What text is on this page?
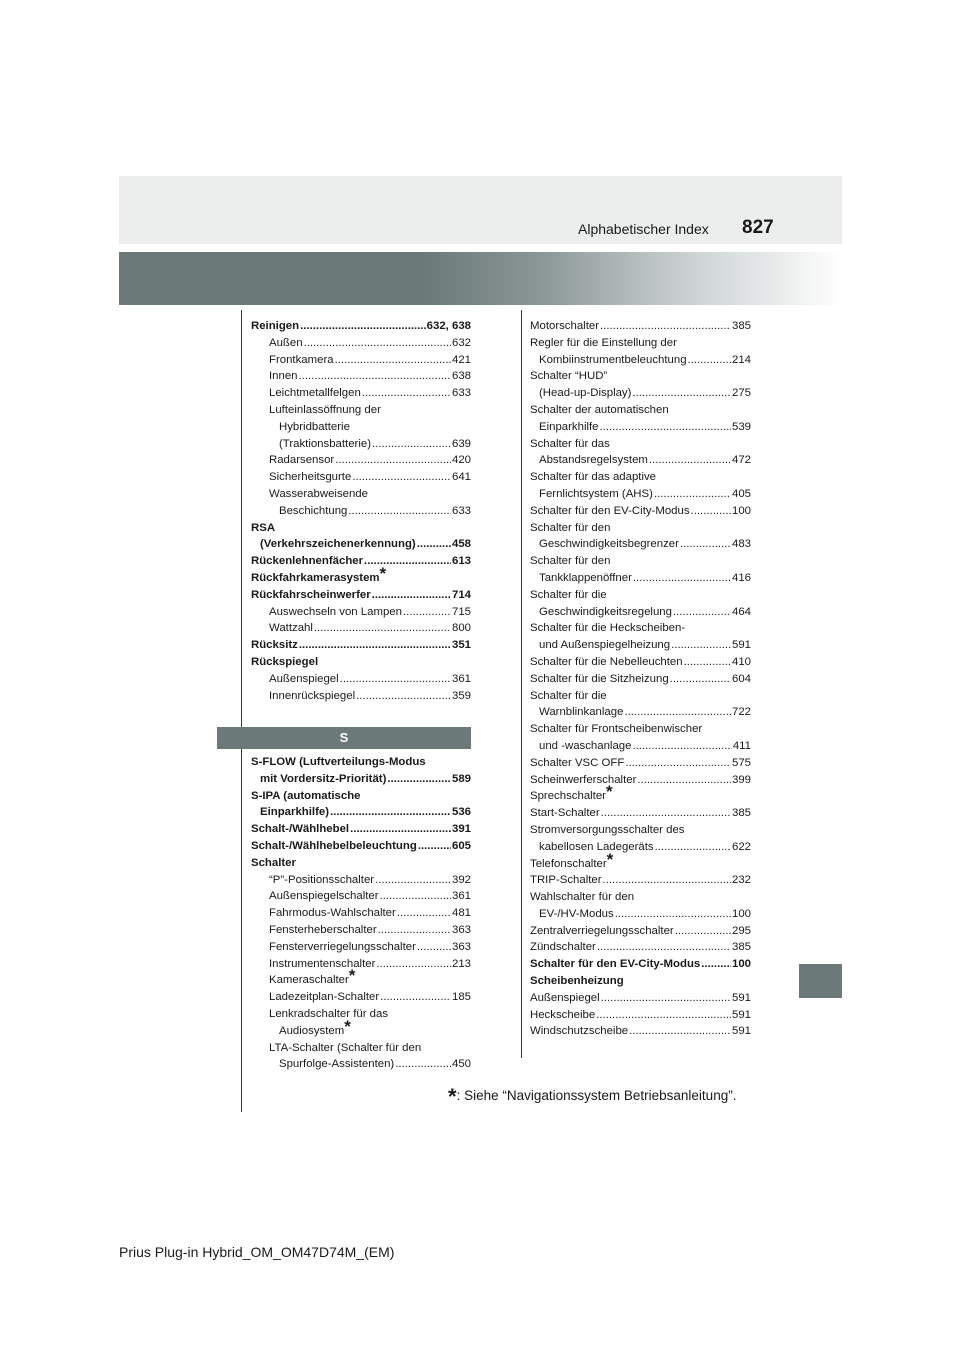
Alphabetischer Index 827
Reinigen .....	632, 638
Außen .....	632
Frontkamera .....	421
Innen .....	638
Leichtmetallfelgen .....	633
Lufteinlassöffnung der
Hybridbatterie
(Traktionsbatterie) .....	639
Radarsensor .....	420
Sicherheitsgurte .....	641
Wasserabweisende
Beschichtung .....	633
RSA
(Verkehrszeichenerkennung) .....	458
Rückenlehnenfächer .....	613
Rückfahrkamerasystem*
Rückfahrscheinwerfer .....	714
Auswechseln von Lampen .....	715
Wattzahl .....	800
Rücksitz .....	351
Rückspiegel
Außenspiegel .....	361
Innenrückspiegel .....	359
S
S-FLOW (Luftverteilungs-Modus
mit Vordersitz-Priorität) .....	589
S-IPA (automatische
Einparkhilfe) .....	536
Schalt-/Wählhebel .....	391
Schalt-/Wählhebelbeleuchtung .....	605
Schalter
“P”-Positionsschalter .....	392
Außenspiegelschalter .....	361
Fahrmodus-Wahlschalter .....	481
Fensterheberschalter .....	363
Fensterverriegelungsschalter .....	363
Instrumentenschalter .....	213
Kameraschalter*
Ladezeitplan-Schalter .....	185
Lenkradschalter für das
Audiosystem*
LTA-Schalter (Schalter für den
Spurfolge-Assistenten) .....	450
Motorschalter .....	385
Regler für die Einstellung der
Kombiinstrumentbeleuchtung .....	214
Schalter “HUD”
(Head-up-Display) .....	275
Schalter der automatischen
Einparkhilfe .....	539
Schalter für das
Abstandsregelsystem .....	472
Schalter für das adaptive
Fernlichtsystem (AHS) .....	405
Schalter für den EV-City-Modus .....	100
Schalter für den
Geschwindigkeitsbegrenzer .....	483
Schalter für den
Tankklappenöffner .....	416
Schalter für die
Geschwindigkeitsregelung .....	464
Schalter für die Heckscheiben-
und Außenspiegelheizung .....	591
Schalter für die Nebelleuchten .....	410
Schalter für die Sitzheizung .....	604
Schalter für die
Warnblinkanlage .....	722
Schalter für Frontscheibenwischer
und -waschanlage .....	411
Schalter VSC OFF .....	575
Scheinwerferschalter .....	399
Sprechschalter*
Start-Schalter .....	385
Stromversorgungsschalter des
kabellosen Ladegeräts .....	622
Telefonschalter*
TRIP-Schalter .....	232
Wahlschalter für den
EV-/HV-Modus .....	100
Zentralverriegelungsschalter .....	295
Zündschalter .....	385
Schalter für den EV-City-Modus .....	100
Scheibenheizung
Außenspiegel .....	591
Heckscheibe .....	591
Windschutzscheibe .....	591
*: Siehe “Navigationssystem Betriebsanleitung”.
Prius Plug-in Hybrid_OM_OM47D74M_(EM)
